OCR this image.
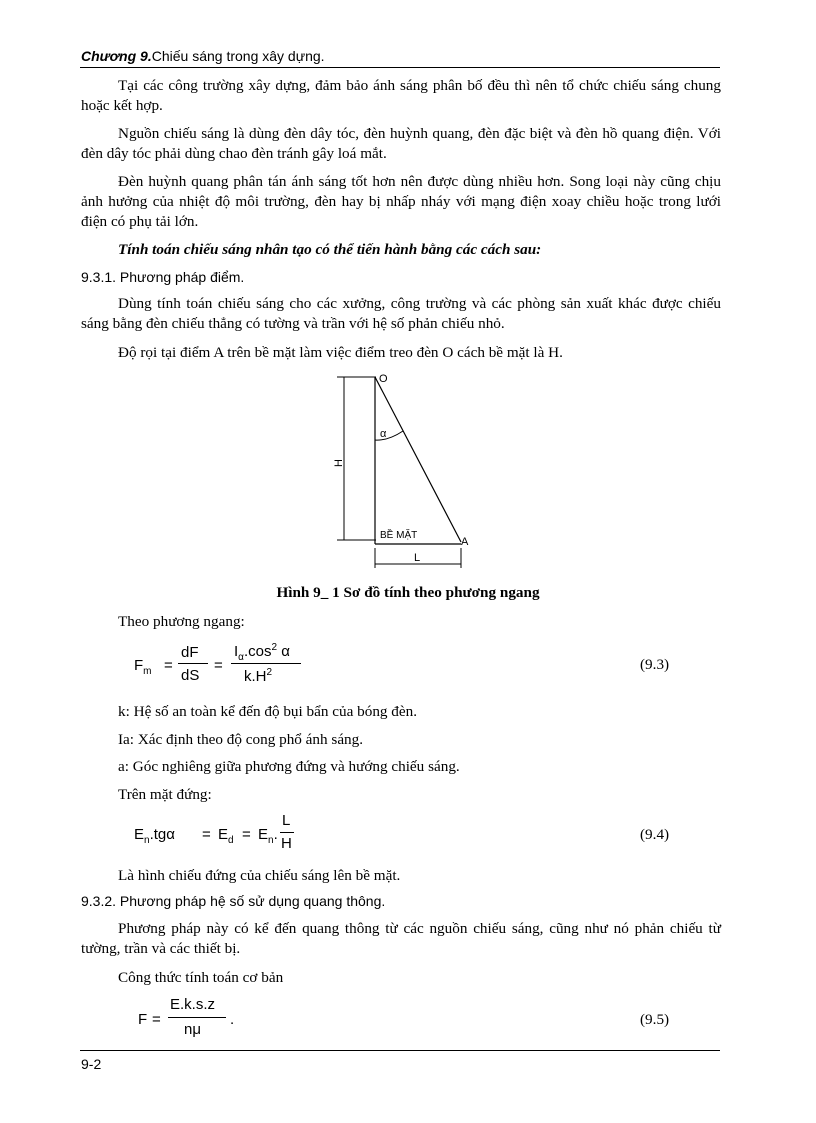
Chương 9.Chiếu sáng trong xây dựng.

Tại các công trường xây dựng, đảm bảo ánh sáng phân bố đều thì nên tổ chức chiếu sáng chung hoặc kết hợp.

Nguồn chiếu sáng là dùng đèn dây tóc, đèn huỳnh quang, đèn đặc biệt và đèn hồ quang điện. Với đèn dây tóc phải dùng chao đèn tránh gây loá mắt.

Đèn huỳnh quang phân tán ánh sáng tốt hơn nên được dùng nhiều hơn. Song loại này cũng chịu ảnh hưởng của nhiệt độ môi trường, đèn hay bị nhấp nháy với mạng điện xoay chiều hoặc trong lưới điện có phụ tải lớn.

Tính toán chiếu sáng nhân tạo có thể tiến hành bằng các cách sau:

9.3.1. Phương pháp điểm.

Dùng tính toán chiếu sáng cho các xưởng, công trường và các phòng sản xuất khác được chiếu sáng bằng đèn chiếu thẳng có tường và trần với hệ số phản chiếu nhỏ.

Độ rọi tại điểm A trên bề mặt làm việc điểm treo đèn O cách bề mặt là H.

H
α
O
A
BỀ MẶT
L
Hình 9_ 1 Sơ đồ tính theo phương ngang
Theo phương ngang:
$F_m$ =
dF
dS
=
$I_\alpha.\cos^2$ α
$k.H^2$	(9.3)
k: Hệ số an toàn kể đến độ bụi bẩn của bóng đèn.
Ia: Xác định theo độ cong phổ ánh sáng.
a: Góc nghiêng giữa phương đứng và hướng chiếu sáng.
Trên mặt đứng:
$E_n.tg\alpha = E_d = E_n$.
L
H
(9.4)
Là hình chiếu đứng của chiếu sáng lên bề mặt.
9.3.2. Phương pháp hệ số sử dụng quang thông.

Phương pháp này có kể đến quang thông từ các nguồn chiếu sáng, cũng như nó phản chiếu từ tường, trần và các thiết bị.

Công thức tính toán cơ bản
F =
E.k.s.z
nμ
.	(9.5)
9-2
